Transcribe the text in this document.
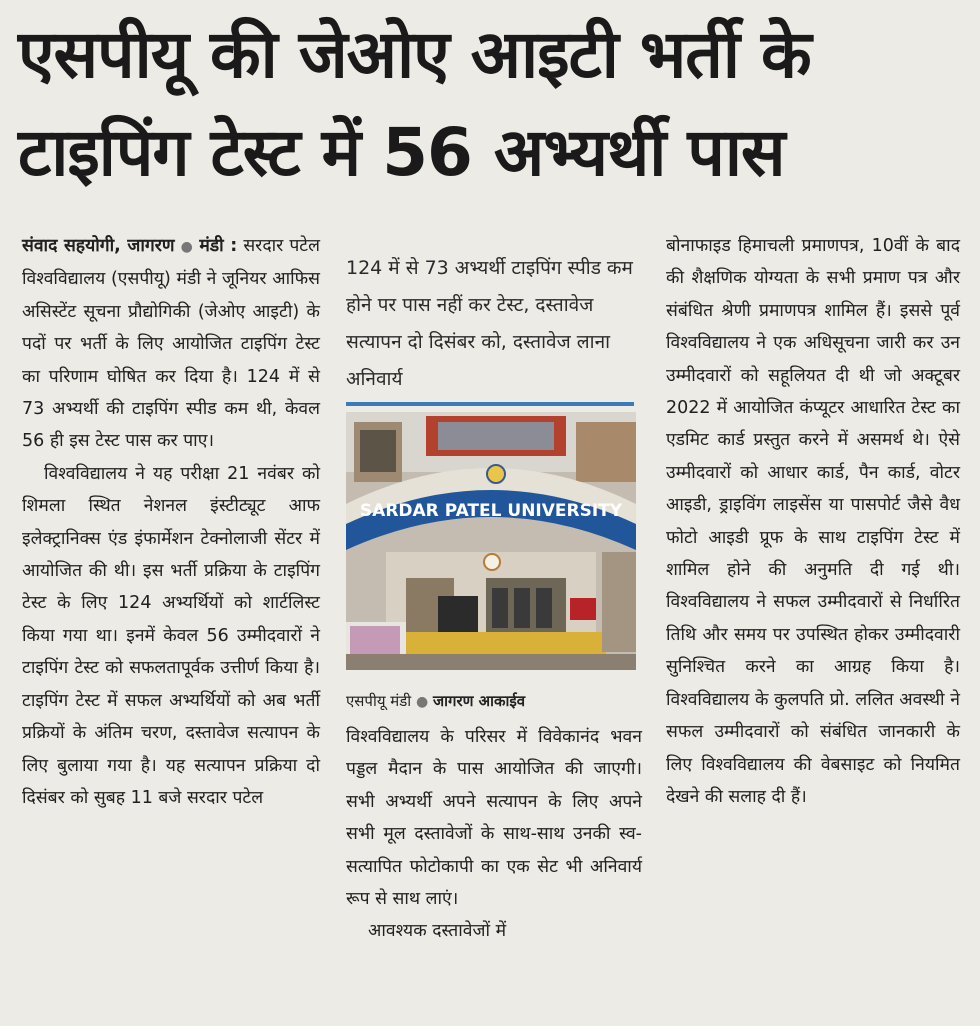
एसपीयू की जेओए आइटी भर्ती के
टाइपिंग टेस्ट में 56 अभ्यर्थी पास

संवाद सहयोगी, जागरण ● मंडी : सरदार पटेल विश्वविद्यालय (एसपीयू) मंडी ने जूनियर आफिस असिस्टेंट सूचना प्रौद्योगिकी (जेओए आइटी) के पदों पर भर्ती के लिए आयोजित टाइपिंग टेस्ट का परिणाम घोषित कर दिया है। 124 में से 73 अभ्यर्थी की टाइपिंग स्पीड कम थी, केवल 56 ही इस टेस्ट पास कर पाए।

विश्वविद्यालय ने यह परीक्षा 21 नवंबर को शिमला स्थित नेशनल इंस्टीट्यूट आफ इलेक्ट्रानिक्स एंड इंफार्मेशन टेक्नोलाजी सेंटर में आयोजित की थी। इस भर्ती प्रक्रिया के टाइपिंग टेस्ट के लिए 124 अभ्यर्थियों को शार्टलिस्ट किया गया था। इनमें केवल 56 उम्मीदवारों ने टाइपिंग टेस्ट को सफलतापूर्वक उत्तीर्ण किया है। टाइपिंग टेस्ट में सफल अभ्यर्थियों को अब भर्ती प्रक्रियों के अंतिम चरण, दस्तावेज सत्यापन के लिए बुलाया गया है। यह सत्यापन प्रक्रिया दो दिसंबर को सुबह 11 बजे सरदार पटेल

124 में से 73 अभ्यर्थी टाइपिंग स्पीड कम होने पर पास नहीं कर टेस्ट, दस्तावेज सत्यापन दो दिसंबर को, दस्तावेज लाना अनिवार्य
SARDAR PATEL UNIVERSITY
एसपीयू मंडी ● जागरण आकाईव

विश्वविद्यालय के परिसर में विवेकानंद भवन पड्डल मैदान के पास आयोजित की जाएगी। सभी अभ्यर्थी अपने सत्यापन के लिए अपने सभी मूल दस्तावेजों के साथ-साथ उनकी स्व-सत्यापित फोटोकापी का एक सेट भी अनिवार्य रूप से साथ लाएं।

आवश्यक दस्तावेजों में

बोनाफाइड हिमाचली प्रमाणपत्र, 10वीं के बाद की शैक्षणिक योग्यता के सभी प्रमाण पत्र और संबंधित श्रेणी प्रमाणपत्र शामिल हैं। इससे पूर्व विश्वविद्यालय ने एक अधिसूचना जारी कर उन उम्मीदवारों को सहूलियत दी थी जो अक्टूबर 2022 में आयोजित कंप्यूटर आधारित टेस्ट का एडमिट कार्ड प्रस्तुत करने में असमर्थ थे। ऐसे उम्मीदवारों को आधार कार्ड, पैन कार्ड, वोटर आइडी, ड्राइविंग लाइसेंस या पासपोर्ट जैसे वैध फोटो आइडी प्रूफ के साथ टाइपिंग टेस्ट में शामिल होने की अनुमति दी गई थी। विश्वविद्यालय ने सफल उम्मीदवारों से निर्धारित तिथि और समय पर उपस्थित होकर उम्मीदवारी सुनिश्चित करने का आग्रह किया है। विश्वविद्यालय के कुलपति प्रो. ललित अवस्थी ने सफल उम्मीदवारों को संबंधित जानकारी के लिए विश्वविद्यालय की वेबसाइट को नियमित देखने की सलाह दी हैं।
